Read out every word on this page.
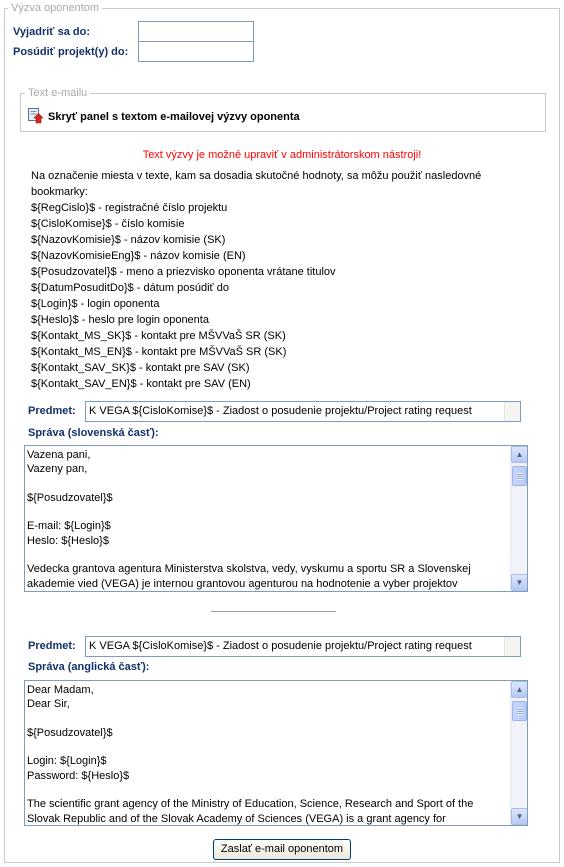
Výzva oponentom
Vyjadriť sa do:
Posúdiť projekt(y) do:
Text e-mailu
Skryť panel s textom e-mailovej výzvy oponenta
Text výzvy je možné upraviť v administrátorskom nástroji!
Na označenie miesta v texte, kam sa dosadia skutočné hodnoty, sa môžu použiť nasledovné
bookmarky:
${RegCislo}$ - registračné číslo projektu
${CisloKomise}$ - číslo komisie
${NazovKomisie}$ - názov komisie (SK)
${NazovKomisieEng}$ - názov komisie (EN)
${Posudzovatel}$ - meno a priezvisko oponenta vrátane titulov
${DatumPosuditDo}$ - dátum posúdiť do
${Login}$ - login oponenta
${Heslo}$ - heslo pre login oponenta
${Kontakt_MS_SK}$ - kontakt pre MŠVVaŠ SR (SK)
${Kontakt_MS_EN}$ - kontakt pre MŠVVaŠ SR (SK)
${Kontakt_SAV_SK}$ - kontakt pre SAV (SK)
${Kontakt_SAV_EN}$ - kontakt pre SAV (EN)
Predmet:	K VEGA ${CisloKomise}$ - Ziadost o posudenie projektu/Project rating request
Správa (slovenská časť):
Vazena pani,
Vazeny pan,

${Posudzovatel}$

E-mail: ${Login}$
Heslo: ${Heslo}$

Vedecka grantova agentura Ministerstva skolstva, vedy, vyskumu a sportu SR a Slovenskej akademie vied (VEGA) je internou grantovou agenturou na hodnotenie a vyber projektov
▲
▼
Predmet:	K VEGA ${CisloKomise}$ - Ziadost o posudenie projektu/Project rating request
Správa (anglická časť):
Dear Madam,
Dear Sir,

${Posudzovatel}$

Login: ${Login}$
Password: ${Heslo}$

The scientific grant agency of the Ministry of Education, Science, Research and Sport of the Slovak Republic and of the Slovak Academy of Sciences (VEGA) is a grant agency for
▲
▼
Zaslať e-mail oponentom
